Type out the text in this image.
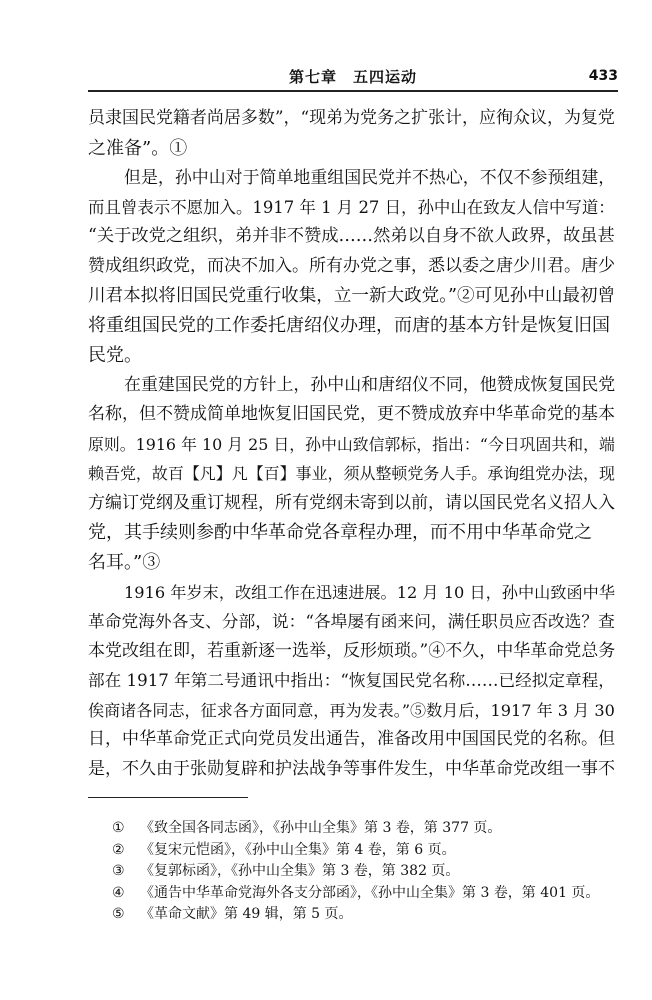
第七章　五四运动	433
员隶国民党籍者尚居多数”，“现弟为党务之扩张计，应徇众议，为复党
之准备”。①
但是，孙中山对于简单地重组国民党并不热心，不仅不参预组建，
而且曾表示不愿加入。1917 年 1 月 27 日，孙中山在致友人信中写道：
“关于改党之组织，弟并非不赞成……然弟以自身不欲人政界，故虽甚
赞成组织政党，而决不加入。所有办党之事，悉以委之唐少川君。唐少
川君本拟将旧国民党重行收集，立一新大政党。”②可见孙中山最初曾
将重组国民党的工作委托唐绍仪办理，而唐的基本方针是恢复旧国
民党。
在重建国民党的方针上，孙中山和唐绍仪不同，他赞成恢复国民党
名称，但不赞成简单地恢复旧国民党，更不赞成放弃中华革命党的基本
原则。1916 年 10 月 25 日，孙中山致信郭标，指出：“今日巩固共和，端
赖吾党，故百【凡】凡【百】事业，须从整顿党务人手。承询组党办法，现
方编订党纲及重订规程，所有党纲未寄到以前，请以国民党名义招人入
党，其手续则参酌中华革命党各章程办理，而不用中华革命党之
名耳。”③
1916 年岁末，改组工作在迅速进展。12 月 10 日，孙中山致函中华
革命党海外各支、分部，说：“各埠屡有函来问，满任职员应否改选？查
本党改组在即，若重新逐一选举，反形烦琐。”④不久，中华革命党总务
部在 1917 年第二号通讯中指出：“恢复国民党名称……已经拟定章程，
俟商诸各同志，征求各方面同意，再为发表。”⑤数月后，1917 年 3 月 30
日，中华革命党正式向党员发出通告，准备改用中国国民党的名称。但
是，不久由于张勋复辟和护法战争等事件发生，中华革命党改组一事不
① 《致全国各同志函》，《孙中山全集》第 3 卷，第 377 页。
② 《复宋元恺函》，《孙中山全集》第 4 卷，第 6 页。
③ 《复郭标函》，《孙中山全集》第 3 卷，第 382 页。
④ 《通告中华革命党海外各支分部函》，《孙中山全集》第 3 卷，第 401 页。
⑤ 《革命文献》第 49 辑，第 5 页。
